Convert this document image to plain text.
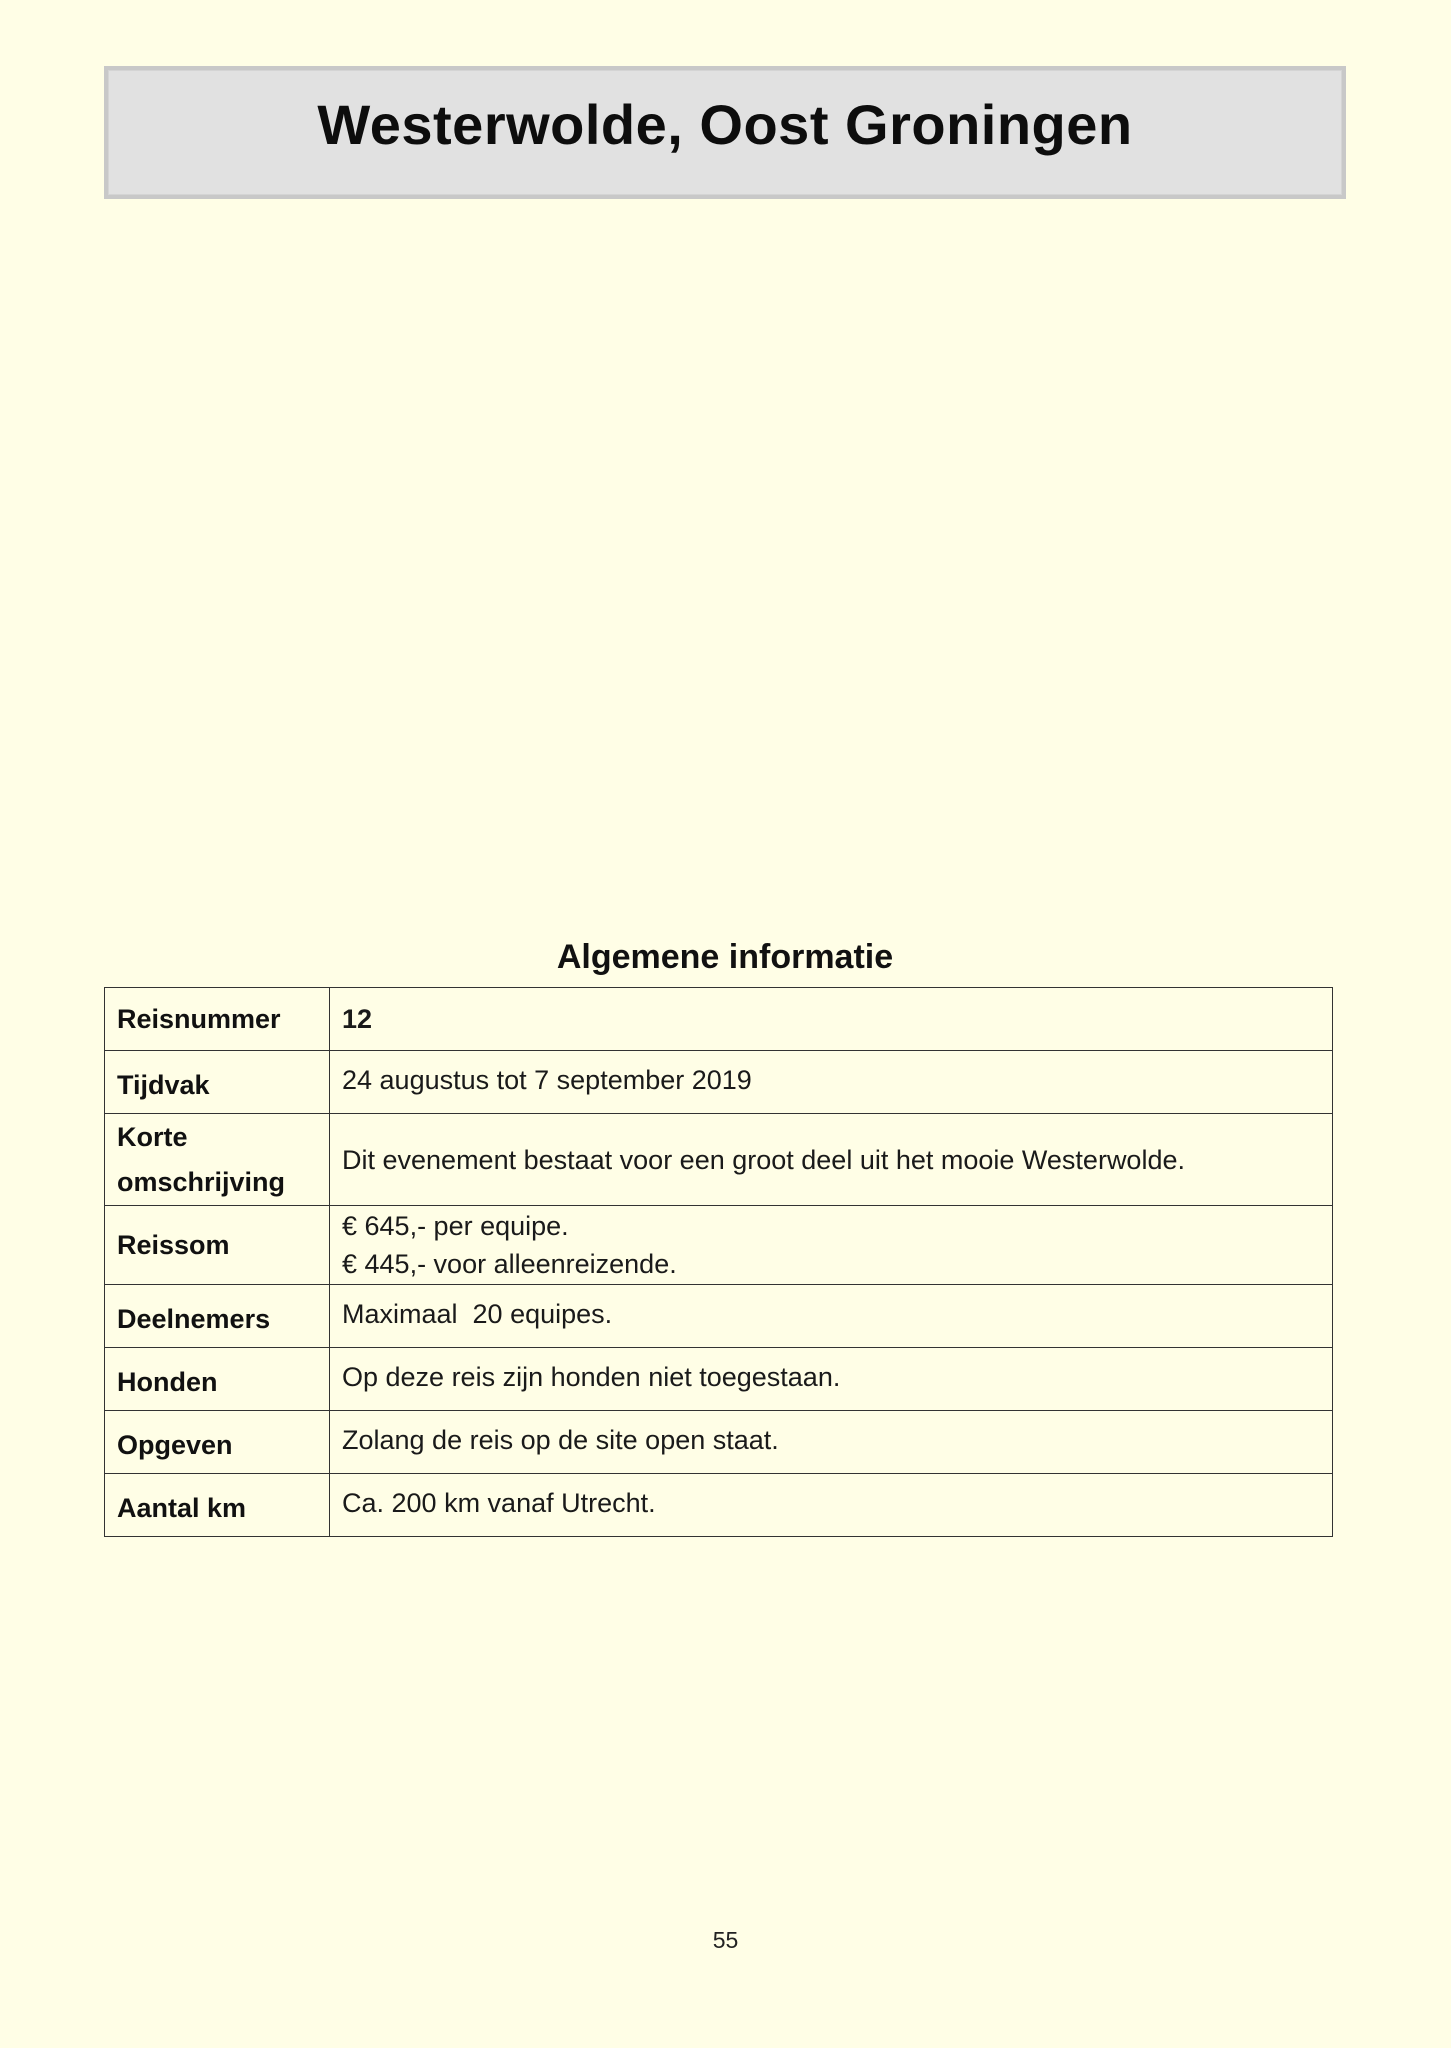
Westerwolde, Oost Groningen
Algemene informatie
Reisnummer	12
Tijdvak	24 augustus tot 7 september 2019

Korte
omschrijving	Dit evenement bestaat voor een groot deel uit het mooie Westerwolde.
Reissom	€ 645,- per equipe.
€ 445,- voor alleenreizende.

Deelnemers	Maximaal  20 equipes.
Honden	Op deze reis zijn honden niet toegestaan.
Opgeven	Zolang de reis op de site open staat.
Aantal km	Ca. 200 km vanaf Utrecht.
55
